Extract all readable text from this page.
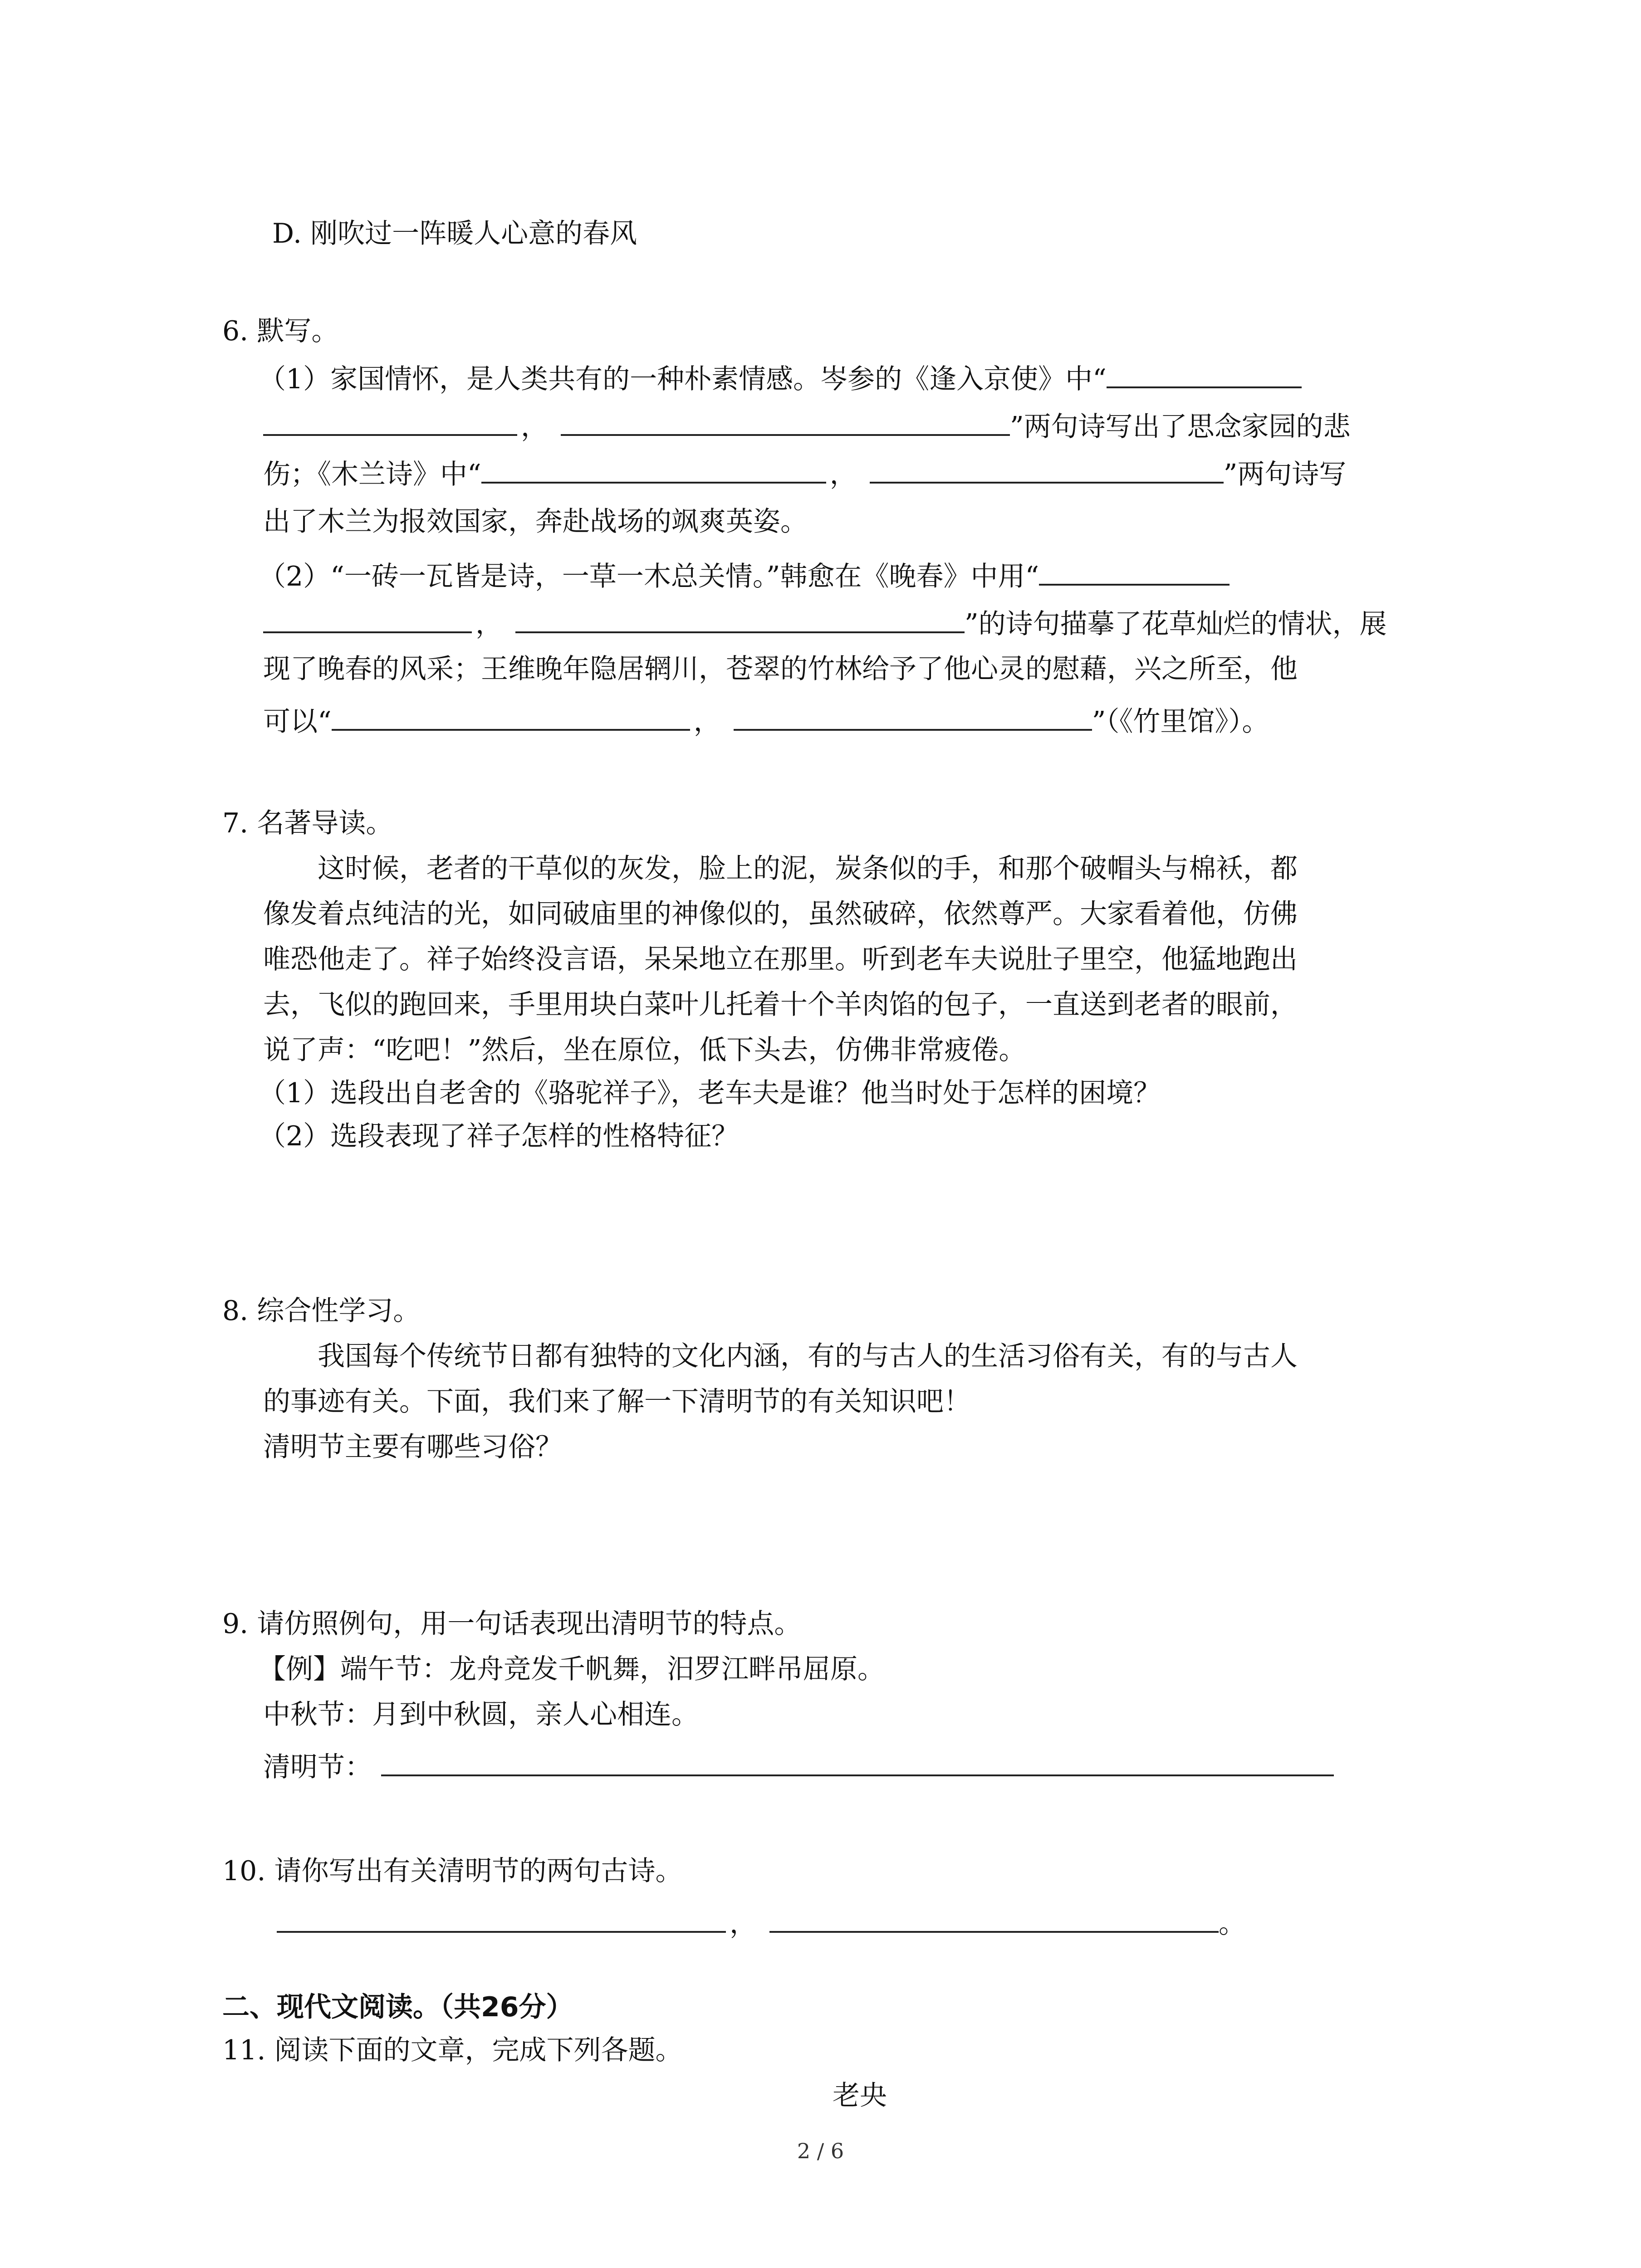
D. 刚吹过一阵暖人心意的春风
6. 默写。
（1）家国情怀，是人类共有的一种朴素情感。岑参的《逢入京使》中“
，	”两句诗写出了思念家园的悲
伤；《木兰诗》中“	，	”两句诗写
出了木兰为报效国家，奔赴战场的飒爽英姿。
（2）“一砖一瓦皆是诗，一草一木总关情。”韩愈在《晚春》中用“
，	”的诗句描摹了花草灿烂的情状，展
现了晚春的风采；王维晚年隐居辋川，苍翠的竹林给予了他心灵的慰藉，兴之所至，他
可以“	，	”（《竹里馆》）。
7. 名著导读。
这时候，老者的干草似的灰发，脸上的泥，炭条似的手，和那个破帽头与棉袄，都
像发着点纯洁的光，如同破庙里的神像似的，虽然破碎，依然尊严。大家看着他，仿佛
唯恐他走了。祥子始终没言语，呆呆地立在那里。听到老车夫说肚子里空，他猛地跑出
去，飞似的跑回来，手里用块白菜叶儿托着十个羊肉馅的包子，一直送到老者的眼前，
说了声：“吃吧！”然后，坐在原位，低下头去，仿佛非常疲倦。
（1）选段出自老舍的《骆驼祥子》，老车夫是谁？他当时处于怎样的困境？
（2）选段表现了祥子怎样的性格特征？
8. 综合性学习。
我国每个传统节日都有独特的文化内涵，有的与古人的生活习俗有关，有的与古人
的事迹有关。下面，我们来了解一下清明节的有关知识吧！
清明节主要有哪些习俗？
9. 请仿照例句，用一句话表现出清明节的特点。
【例】端午节：龙舟竞发千帆舞，汨罗江畔吊屈原。
中秋节：月到中秋圆，亲人心相连。
清明节：
10. 请你写出有关清明节的两句古诗。
，	。
二、现代文阅读。（共26分）
11. 阅读下面的文章，完成下列各题。
老央
2 / 6
